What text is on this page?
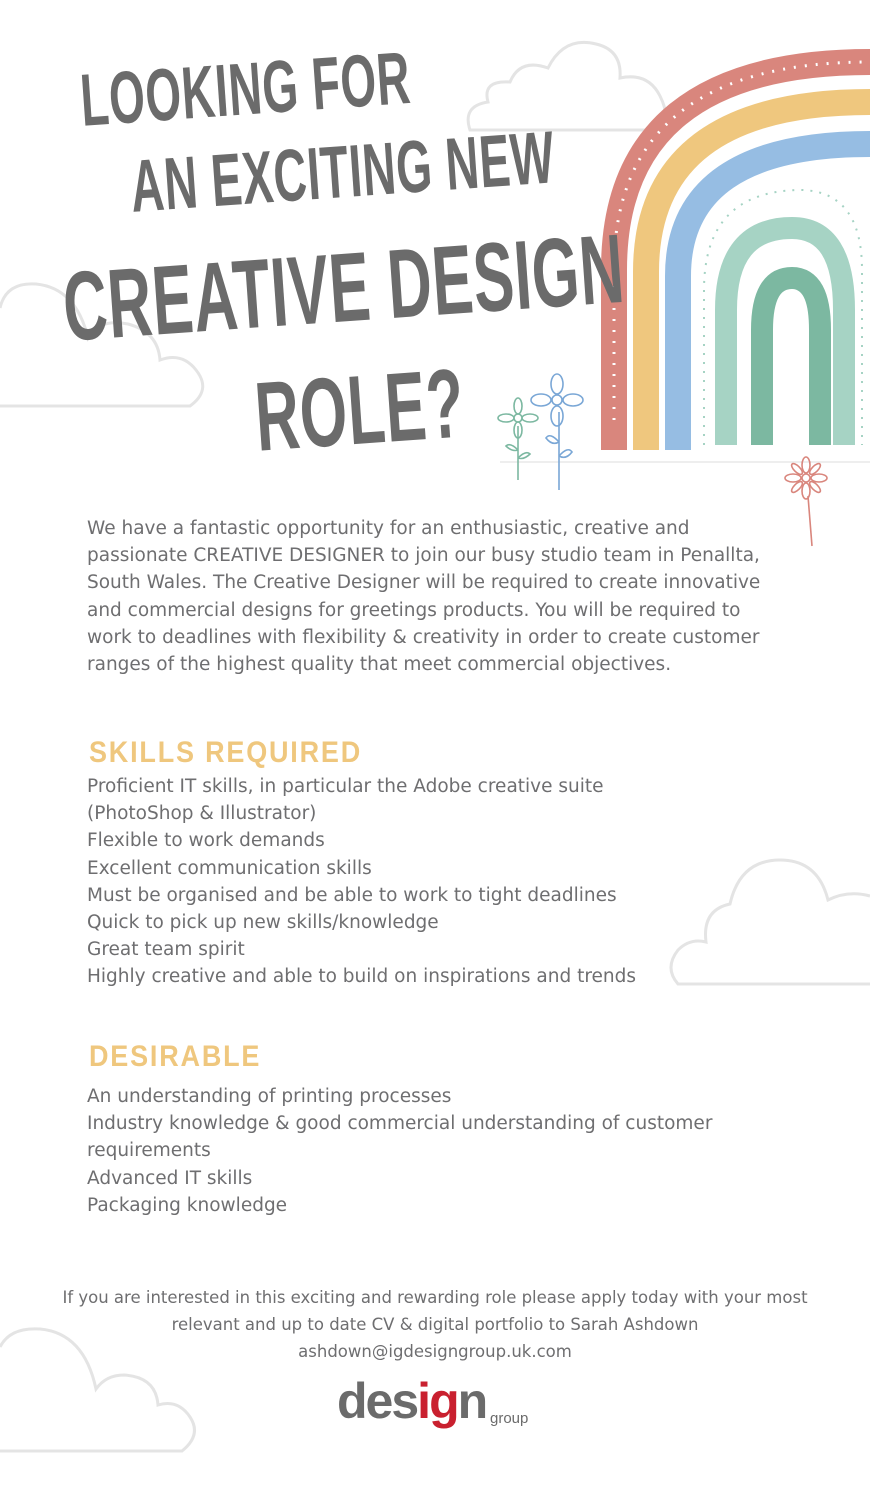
LOOKING FOR
AN EXCITING NEW
CREATIVE DESIGN
ROLE?

We have a fantastic opportunity for an enthusiastic, creative and passionate CREATIVE DESIGNER to join our busy studio team in Penalltа, South Wales. The Creative Designer will be required to create innovative and commercial designs for greetings products. You will be required to work to deadlines with flexibility & creativity in order to create customer ranges of the highest quality that meet commercial objectives.

SKILLS REQUIRED
Proficient IT skills, in particular the Adobe creative suite (PhotoShop & Illustrator)
Flexible to work demands
Excellent communication skills
Must be organised and be able to work to tight deadlines
Quick to pick up new skills/knowledge
Great team spirit
Highly creative and able to build on inspirations and trends
DESIRABLE
An understanding of printing processes
Industry knowledge & good commercial understanding of customer requirements
Advanced IT skills
Packaging knowledge
If you are interested in this exciting and rewarding role please apply today with your most relevant and up to date CV & digital portfolio to Sarah Ashdown
ashdown@igdesigngroup.uk.com
design group
